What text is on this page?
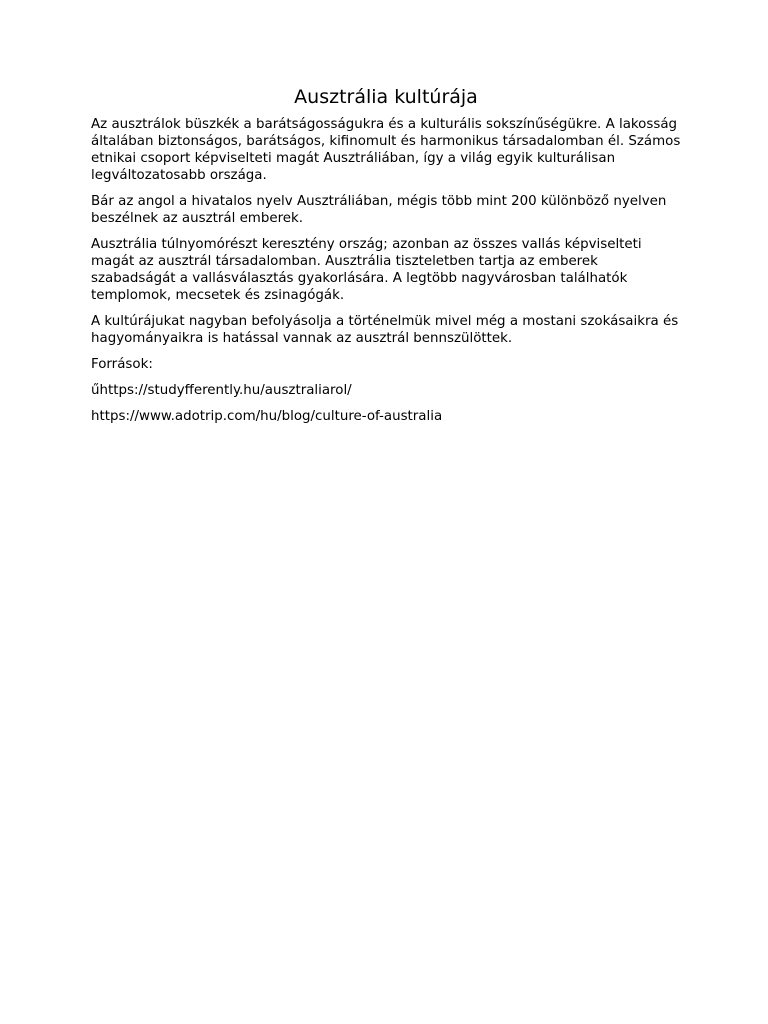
Ausztrália kultúrája

Az ausztrálok büszkék a barátságosságukra és a kulturális sokszínűségükre. A lakosság általában biztonságos, barátságos, kifinomult és harmonikus társadalomban él. Számos etnikai csoport képviselteti magát Ausztráliában, így a világ egyik kulturálisan legváltozatosabb országa.

Bár az angol a hivatalos nyelv Ausztráliában, mégis több mint 200 különböző nyelven beszélnek az ausztrál emberek.

Ausztrália túlnyomórészt keresztény ország; azonban az összes vallás képviselteti magát az ausztrál társadalomban. Ausztrália tiszteletben tartja az emberek szabadságát a vallásválasztás gyakorlására. A legtöbb nagyvárosban találhatók templomok, mecsetek és zsinagógák.

A kultúrájukat nagyban befolyásolja a történelmük mivel még a mostani szokásaikra és hagyományaikra is hatással vannak az ausztrál bennszülöttek.

Források:

űhttps://studyfferently.hu/ausztraliarol/

https://www.adotrip.com/hu/blog/culture-of-australia
